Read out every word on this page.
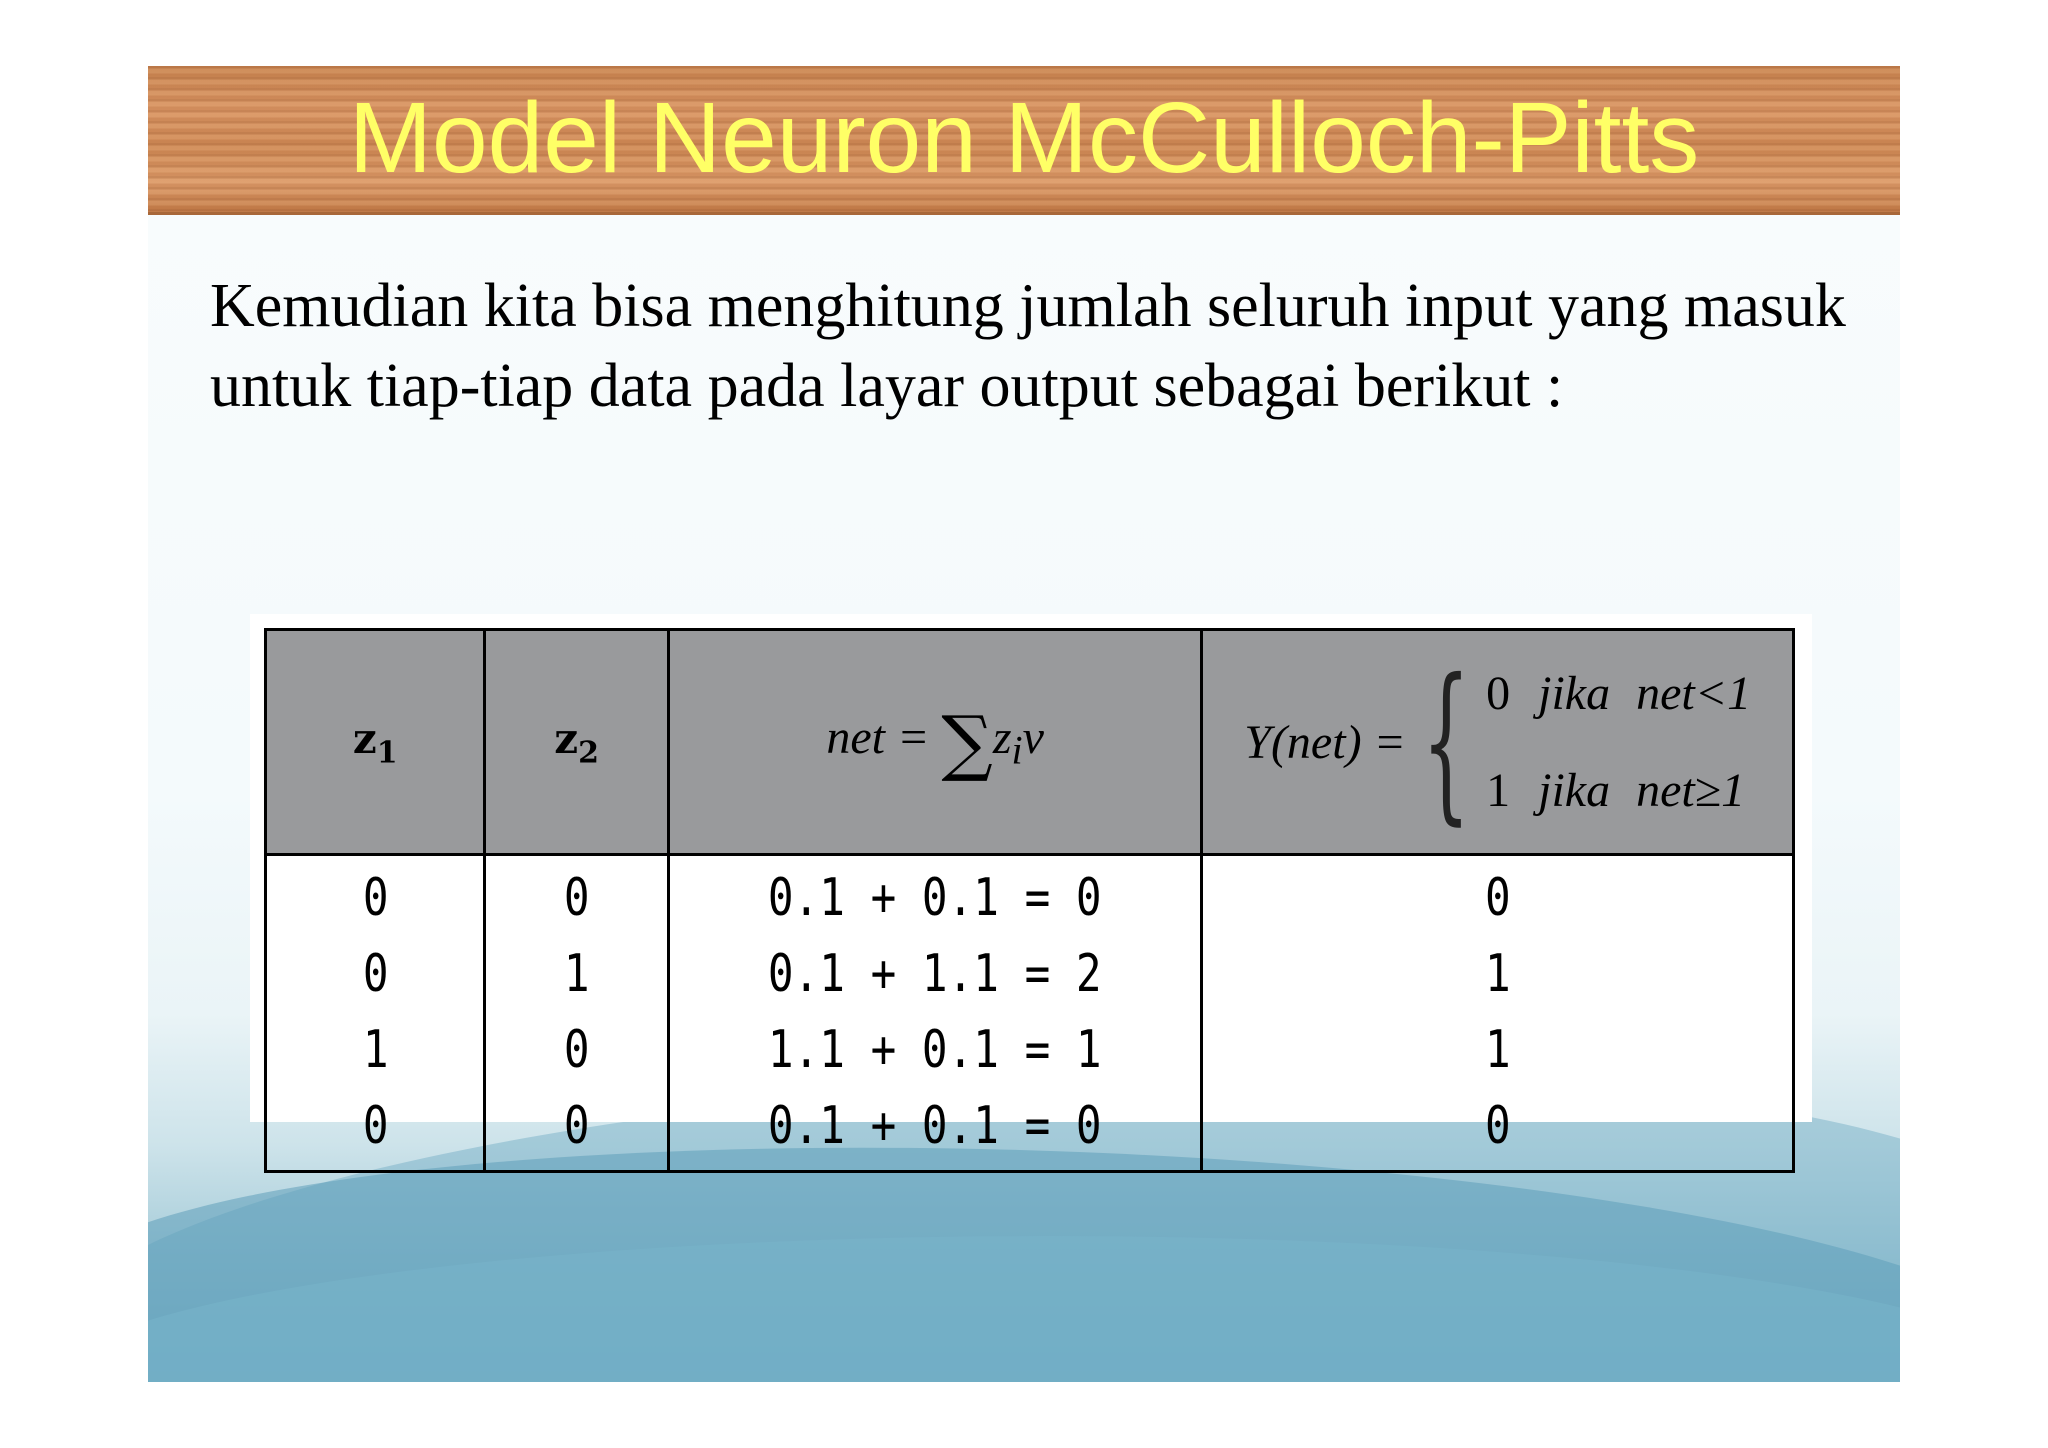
Model Neuron McCulloch-Pitts

Kemudian kita bisa menghitung jumlah seluruh input yang masuk untuk tiap-tiap data pada layar output sebagai berikut :

$z_1$	$z_2$	net = $\sum z_iv$	Y(net) = { 0 jika net<1
1 jika net≥1

0	0	0.1 + 0.1 = 0	0
0	1	0.1 + 1.1 = 2	1
1	0	1.1 + 0.1 = 1	1
0	0	0.1 + 0.1 = 0	0
